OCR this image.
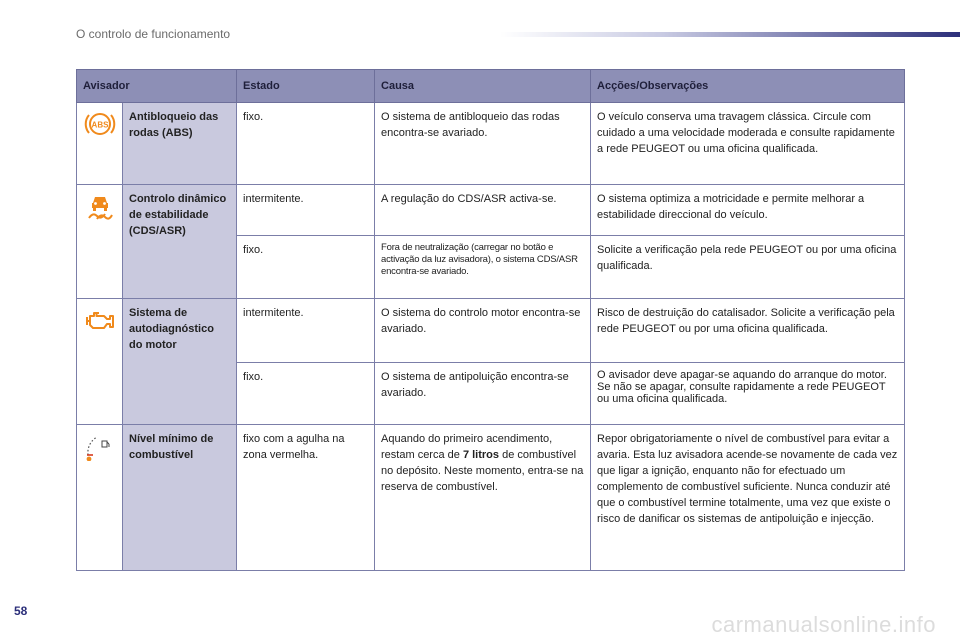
O controlo de funcionamento
Avisador		Estado	Causa	Acções/Observações

ABS	Antibloqueio das rodas (ABS)	fixo.	O sistema de antibloqueio das rodas encontra-se avariado.	O veículo conserva uma travagem clássica. Circule com cuidado a uma velocidade moderada e consulte rapidamente a rede PEUGEOT ou uma oficina qualificada.
	Controlo dinâmico de estabilidade (CDS/ASR)	intermitente.	A regulação do CDS/ASR activa-se.	O sistema optimiza a motricidade e permite melhorar a estabilidade direccional do veículo.
		fixo.	Fora de neutralização (carregar no botão e activação da luz avisadora), o sistema CDS/ASR encontra-se avariado.	Solicite a verificação pela rede PEUGEOT ou por uma oficina qualificada.
	Sistema de autodiagnóstico do motor	intermitente.	O sistema do controlo motor encontra-se avariado.	Risco de destruição do catalisador. Solicite a verificação pela rede PEUGEOT ou por uma oficina qualificada.
		fixo.	O sistema de antipoluição encontra-se avariado.	O avisador deve apagar-se aquando do arranque do motor. Se não se apagar, consulte rapidamente a rede PEUGEOT ou uma oficina qualificada.
	Nível mínimo de combustível	fixo com a agulha na zona vermelha.	Aquando do primeiro acendimento, restam cerca de 7 litros de combustível no depósito. Neste momento, entra-se na reserva de combustível.	Repor obrigatoriamente o nível de combustível para evitar a avaria. Esta luz avisadora acende-se novamente de cada vez que ligar a ignição, enquanto não for efectuado um complemento de combustível suficiente. Nunca conduzir até que o combustível termine totalmente, uma vez que existe o risco de danificar os sistemas de antipoluição e injecção.
58
carmanualsonline.info
